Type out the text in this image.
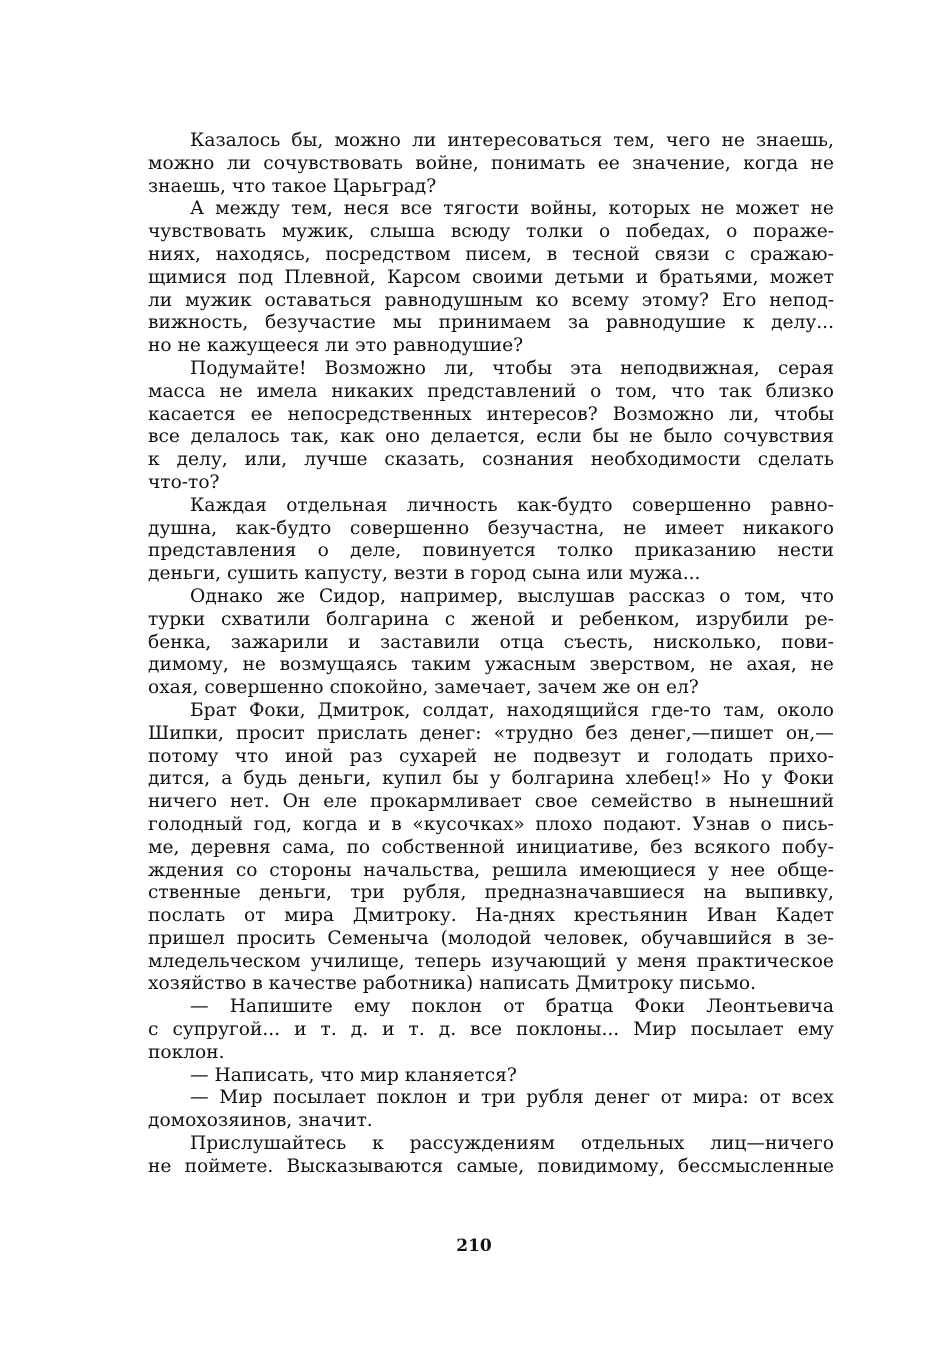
Казалось бы, можно ли интересоваться тем, чего не знаешь,
можно ли сочувствовать войне, понимать ее значение, когда не
знаешь, что такое Царьград?
А между тем, неся все тягости войны, которых не может не
чувствовать мужик, слыша всюду толки о победах, о пораже-
ниях, находясь, посредством писем, в тесной связи с сражаю-
щимися под Плевной, Карсом своими детьми и братьями, может
ли мужик оставаться равнодушным ко всему этому? Его непод-
вижность, безучастие мы принимаем за равнодушие к делу...
но не кажущееся ли это равнодушие?
Подумайте! Возможно ли, чтобы эта неподвижная, серая
масса не имела никаких представлений о том, что так близко
касается ее непосредственных интересов? Возможно ли, чтобы
все делалось так, как оно делается, если бы не было сочувствия
к делу, или, лучше сказать, сознания необходимости сделать
что-то?
Каждая отдельная личность как-будто совершенно равно-
душна, как-будто совершенно безучастна, не имеет никакого
представления о деле, повинуется толко приказанию нести
деньги, сушить капусту, везти в город сына или мужа...
Однако же Сидор, например, выслушав рассказ о том, что
турки схватили болгарина с женой и ребенком, изрубили ре-
бенка, зажарили и заставили отца съесть, нисколько, пови-
димому, не возмущаясь таким ужасным зверством, не ахая, не
охая, совершенно спокойно, замечает, зачем же он ел?
Брат Фоки, Дмитрок, солдат, находящийся где-то там, около
Шипки, просит прислать денег: «трудно без денег,—пишет он,—
потому что иной раз сухарей не подвезут и голодать прихо-
дится, а будь деньги, купил бы у болгарина хлебец!» Но у Фоки
ничего нет. Он еле прокармливает свое семейство в нынешний
голодный год, когда и в «кусочках» плохо подают. Узнав о пись-
ме, деревня сама, по собственной инициативе, без всякого побу-
ждения со стороны начальства, решила имеющиеся у нее обще-
ственные деньги, три рубля, предназначавшиеся на выпивку,
послать от мира Дмитроку. На-днях крестьянин Иван Кадет
пришел просить Семеныча (молодой человек, обучавшийся в зе-
мледельческом училище, теперь изучающий у меня практическое
хозяйство в качестве работника) написать Дмитроку письмо.
— Напишите ему поклон от братца Фоки Леонтьевича
с супругой... и т. д. и т. д. все поклоны... Мир посылает ему
поклон.
— Написать, что мир кланяется?
— Мир посылает поклон и три рубля денег от мира: от всех
домохозяинов, значит.
Прислушайтесь к рассуждениям отдельных лиц—ничего
не поймете. Высказываются самые, повидимому, бессмысленные
210
